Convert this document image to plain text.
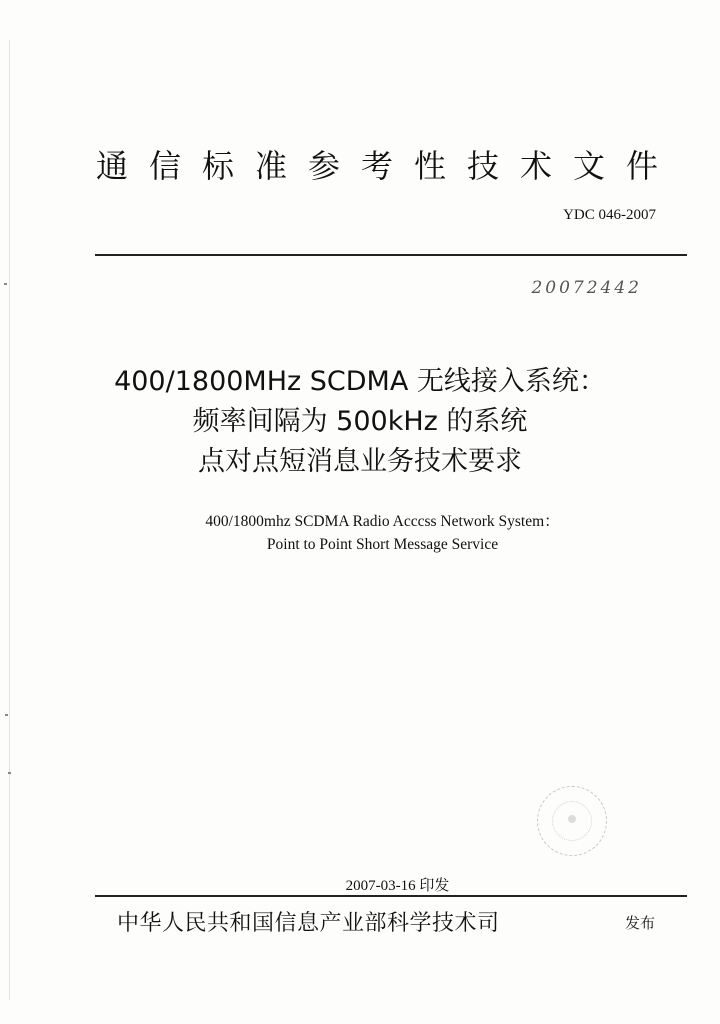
通信标准参考性技术文件
YDC 046-2007
20072442
400/1800MHz SCDMA 无线接入系统：
频率间隔为 500kHz 的系统
点对点短消息业务技术要求
400/1800mhz SCDMA Radio Acccss Network System：
Point to Point Short Message Service
2007-03-16 印发
中华人民共和国信息产业部科学技术司	发布
